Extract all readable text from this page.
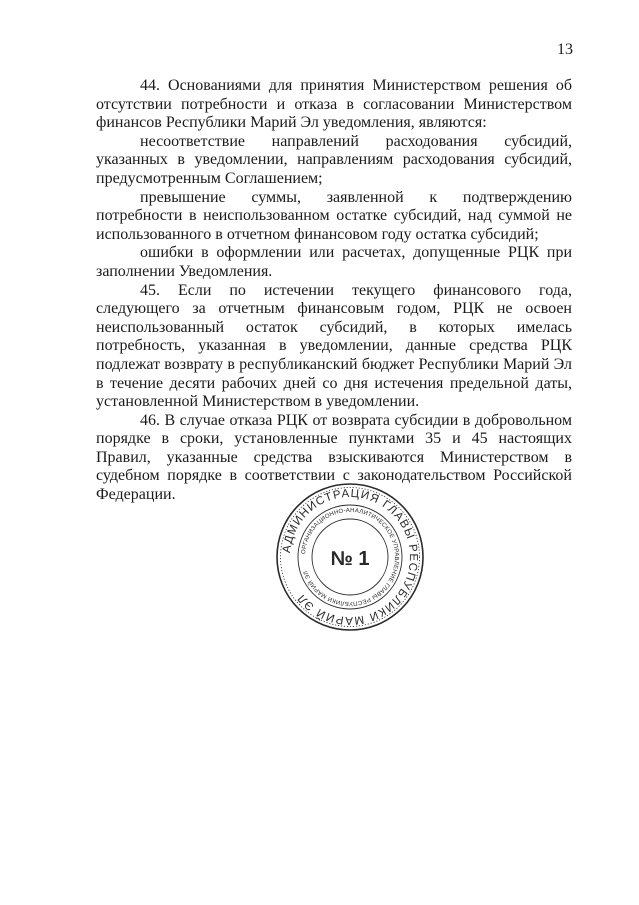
13

44. Основаниями для принятия Министерством решения об отсутствии потребности и отказа в согласовании Министерством финансов Республики Марий Эл уведомления, являются:

несоответствие направлений расходования субсидий, указанных в уведомлении, направлениям расходования субсидий, предусмотренным Соглашением;

превышение суммы, заявленной к подтверждению потребности в неиспользованном остатке субсидий, над суммой не использованного в отчетном финансовом году остатка субсидий;

ошибки в оформлении или расчетах, допущенные РЦК при заполнении Уведомления.

45. Если по истечении текущего финансового года, следующего за отчетным финансовым годом, РЦК не освоен неиспользованный остаток субсидий, в которых имелась потребность, указанная в уведомлении, данные средства РЦК подлежат возврату в республиканский бюджет Республики Марий Эл в течение десяти рабочих дней со дня истечения предельной даты, установленной Министерством в уведомлении.

46. В случае отказа РЦК от возврата субсидии в добровольном порядке в сроки, установленные пунктами 35 и 45 настоящих Правил, указанные средства взыскиваются Министерством в судебном порядке в соответствии с законодательством Российской Федерации.

АДМИНИСТРАЦИЯ ГЛАВЫ РЕСПУБЛИКИ МАРИЙ ЭЛ
ОРГАНИЗАЦИОННО-АНАЛИТИЧЕСКОЕ УПРАВЛЕНИЕ ГЛАВЫ РЕСПУБЛИКИ МАРИЙ ЭЛ
№ 1
